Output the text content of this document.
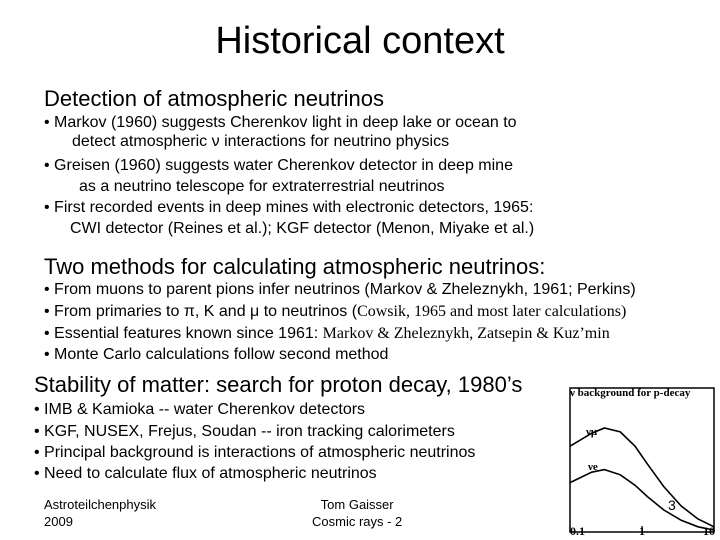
Historical context
Detection of atmospheric neutrinos
• Markov (1960) suggests Cherenkov light in deep lake or ocean to
detect atmospheric ν interactions for neutrino physics
• Greisen (1960) suggests water Cherenkov detector in deep mine
as a neutrino telescope for extraterrestrial neutrinos
• First recorded events in deep mines with electronic detectors, 1965:
CWI detector (Reines et al.); KGF detector (Menon, Miyake et al.)
Two methods for calculating atmospheric neutrinos:
• From muons to parent pions infer neutrinos (Markov & Zheleznykh, 1961; Perkins)
• From primaries to π, K and μ to neutrinos (Cowsik, 1965 and most later calculations)
• Essential features known since 1961: Markov & Zheleznykh, Zatsepin & Kuz’min
• Monte Carlo calculations follow second method
Stability of matter: search for proton decay, 1980’s
• IMB & Kamioka -- water Cherenkov detectors
• KGF, NUSEX, Frejus, Soudan -- iron tracking calorimeters
• Principal background is interactions of atmospheric neutrinos
• Need to calculate flux of atmospheric neutrinos
ν background for p-decay
νμ
νe
0.1	1	10
Astroteilchenphysik
2009
Tom Gaisser
Cosmic rays - 2
3
